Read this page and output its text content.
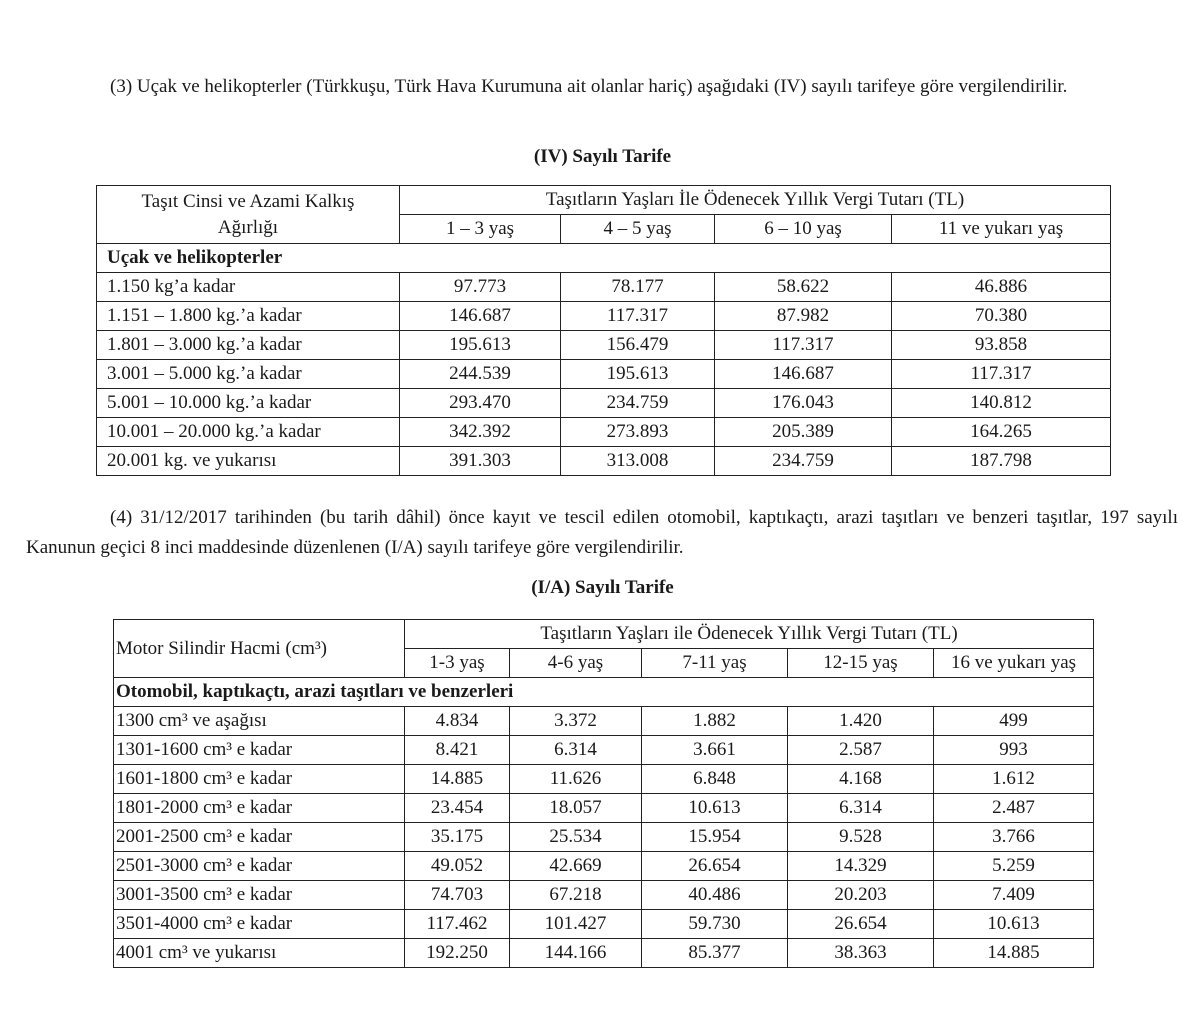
(3) Uçak ve helikopterler (Türkkuşu, Türk Hava Kurumuna ait olanlar hariç) aşağıdaki (IV) sayılı tarifeye göre vergilendirilir.

(IV) Sayılı Tarife

Taşıt Cinsi ve Azami Kalkış
Ağırlığı	Taşıtların Yaşları İle Ödenecek Yıllık Vergi Tutarı (TL)			
	1 – 3 yaş	4 – 5 yaş	6 – 10 yaş	11 ve yukarı yaş
Uçak ve helikopterler				
1.150 kg’a kadar	97.773	78.177	58.622	46.886
1.151 – 1.800 kg.’a kadar	146.687	117.317	87.982	70.380
1.801 – 3.000 kg.’a kadar	195.613	156.479	117.317	93.858
3.001 – 5.000 kg.’a kadar	244.539	195.613	146.687	117.317
5.001 – 10.000 kg.’a kadar	293.470	234.759	176.043	140.812
10.001 – 20.000 kg.’a kadar	342.392	273.893	205.389	164.265
20.001 kg. ve yukarısı	391.303	313.008	234.759	187.798

(4) 31/12/2017 tarihinden (bu tarih dâhil) önce kayıt ve tescil edilen otomobil, kaptıkaçtı, arazi taşıtları ve benzeri taşıtlar, 197 sayılı Kanunun geçici 8 inci maddesinde düzenlenen (I/A) sayılı tarifeye göre vergilendirilir.

(I/A) Sayılı Tarife

Motor Silindir Hacmi (cm³)	Taşıtların Yaşları ile Ödenecek Yıllık Vergi Tutarı (TL)				
	1-3 yaş	4-6 yaş	7-11 yaş	12-15 yaş	16 ve yukarı yaş
Otomobil, kaptıkaçtı, arazi taşıtları ve benzerleri					
1300 cm³ ve aşağısı	4.834	3.372	1.882	1.420	499
1301-1600 cm³ e kadar	8.421	6.314	3.661	2.587	993
1601-1800 cm³ e kadar	14.885	11.626	6.848	4.168	1.612
1801-2000 cm³ e kadar	23.454	18.057	10.613	6.314	2.487
2001-2500 cm³ e kadar	35.175	25.534	15.954	9.528	3.766
2501-3000 cm³ e kadar	49.052	42.669	26.654	14.329	5.259
3001-3500 cm³ e kadar	74.703	67.218	40.486	20.203	7.409
3501-4000 cm³ e kadar	117.462	101.427	59.730	26.654	10.613
4001 cm³ ve yukarısı	192.250	144.166	85.377	38.363	14.885
